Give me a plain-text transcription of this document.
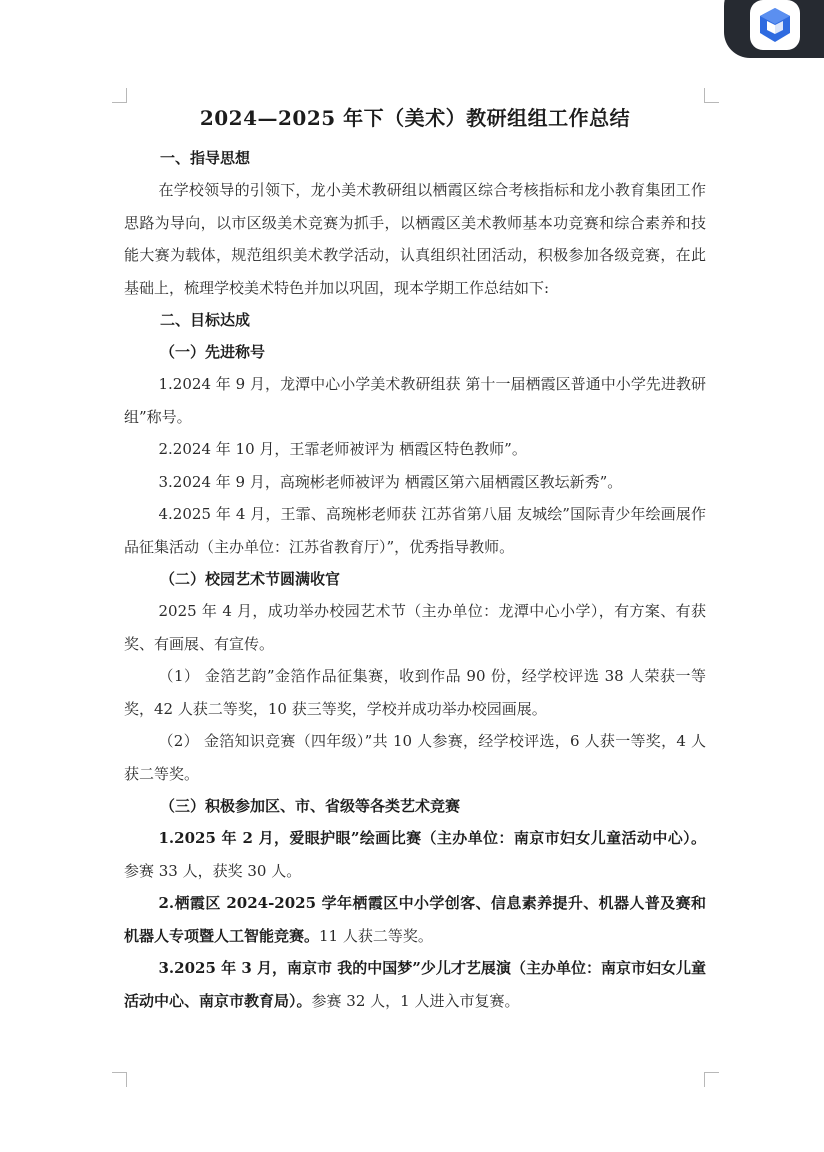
2024—2025 年下（美术）教研组组工作总结
一、指导思想
在学校领导的引领下，龙小美术教研组以栖霞区综合考核指标和龙小教育集团工作思路为导向，以市区级美术竞赛为抓手，以栖霞区美术教师基本功竞赛和综合素养和技能大赛为载体，规范组织美术教学活动，认真组织社团活动，积极参加各级竞赛，在此基础上，梳理学校美术特色并加以巩固，现本学期工作总结如下:
二、目标达成
（一）先进称号
1.2024 年 9 月，龙潭中心小学美术教研组获 第十一届栖霞区普通中小学先进教研组”称号。
2.2024 年 10 月，王霏老师被评为 栖霞区特色教师”。
3.2024 年 9 月，高琬彬老师被评为 栖霞区第六届栖霞区教坛新秀”。
4.2025 年 4 月，王霏、高琬彬老师获 江苏省第八届 友城绘”国际青少年绘画展作品征集活动（主办单位：江苏省教育厅）”，优秀指导教师。
（二）校园艺术节圆满收官
2025 年 4 月，成功举办校园艺术节（主办单位：龙潭中心小学），有方案、有获奖、有画展、有宣传。
（1） 金箔艺韵”金箔作品征集赛，收到作品 90 份，经学校评选 38 人荣获一等奖，42 人获二等奖，10 获三等奖，学校并成功举办校园画展。
（2） 金箔知识竞赛（四年级）”共 10 人参赛，经学校评选，6 人获一等奖，4 人获二等奖。
（三）积极参加区、市、省级等各类艺术竞赛
1.2025 年 2 月，爱眼护眼”绘画比赛（主办单位：南京市妇女儿童活动中心）。参赛 33 人，获奖 30 人。
2.栖霞区 2024-2025 学年栖霞区中小学创客、信息素养提升、机器人普及赛和机器人专项暨人工智能竞赛。11 人获二等奖。
3.2025 年 3 月，南京市 我的中国梦”少儿才艺展演（主办单位：南京市妇女儿童活动中心、南京市教育局）。参赛 32 人，1 人进入市复赛。
